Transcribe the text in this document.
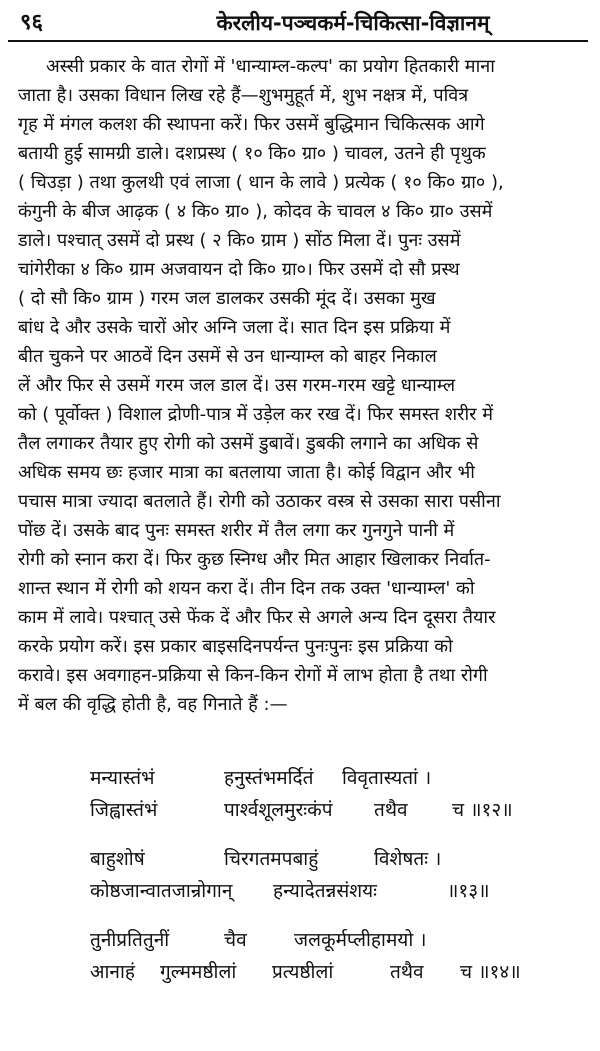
९६	केरलीय-पञ्चकर्म-चिकित्सा-विज्ञानम्
अस्सी प्रकार के वात रोगों में 'धान्याम्ल-कल्प' का प्रयोग हितकारी माना
जाता है। उसका विधान लिख रहे हैं—शुभमुहूर्त में, शुभ नक्षत्र में, पवित्र
गृह में मंगल कलश की स्थापना करें। फिर उसमें बुद्धिमान चिकित्सक आगे
बतायी हुई सामग्री डाले। दशप्रस्थ ( १० कि० ग्रा० ) चावल, उतने ही पृथुक
( चिउड़ा ) तथा कुलथी एवं लाजा ( धान के लावे ) प्रत्येक ( १० कि० ग्रा० ),
कंगुनी के बीज आढ़क ( ४ कि० ग्रा० ), कोदव के चावल ४ कि० ग्रा० उसमें
डाले। पश्चात् उसमें दो प्रस्थ ( २ कि० ग्राम ) सोंठ मिला दें। पुनः उसमें
चांगेरीका ४ कि० ग्राम अजवायन दो कि० ग्रा०। फिर उसमें दो सौ प्रस्थ
( दो सौ कि० ग्राम ) गरम जल डालकर उसकी मूंद दें। उसका मुख
बांध दे और उसके चारों ओर अग्नि जला दें। सात दिन इस प्रक्रिया में
बीत चुकने पर आठवें दिन उसमें से उन धान्याम्ल को बाहर निकाल
लें और फिर से उसमें गरम जल डाल दें। उस गरम-गरम खट्टे धान्याम्ल
को ( पूर्वोक्त ) विशाल द्रोणी-पात्र में उड़ेल कर रख दें। फिर समस्त शरीर में
तैल लगाकर तैयार हुए रोगी को उसमें डुबावें। डुबकी लगाने का अधिक से
अधिक समय छः हजार मात्रा का बतलाया जाता है। कोई विद्वान और भी
पचास मात्रा ज्यादा बतलाते हैं। रोगी को उठाकर वस्त्र से उसका सारा पसीना
पोंछ दें। उसके बाद पुनः समस्त शरीर में तैल लगा कर गुनगुने पानी में
रोगी को स्नान करा दें। फिर कुछ स्निग्ध और मित आहार खिलाकर निर्वात-
शान्त स्थान में रोगी को शयन करा दें। तीन दिन तक उक्त 'धान्याम्ल' को
काम में लावे। पश्चात् उसे फेंक दें और फिर से अगले अन्य दिन दूसरा तैयार
करके प्रयोग करें। इस प्रकार बाइसदिनपर्यन्त पुनःपुनः इस प्रक्रिया को
करावे। इस अवगाहन-प्रक्रिया से किन-किन रोगों में लाभ होता है तथा रोगी
में बल की वृद्धि होती है, वह गिनाते हैं :—
मन्यास्तंभं	हनुस्तंभमर्दितं	विवृतास्यतां ।
जिह्वास्तंभं	पार्श्वशूलमुरःकंपं	तथैव	च ॥१२॥
बाहुशोषं	चिरगतमपबाहुं	विशेषतः ।
कोष्ठजान्वातजान्रोगान्	हन्यादेतन्नसंशयः	॥१३॥
तुनीप्रतितुनीं	चैव	जलकूर्मप्लीहामयो ।
आनाहं	गुल्ममष्ठीलां	प्रत्यष्ठीलां	तथैव	च ॥१४॥
